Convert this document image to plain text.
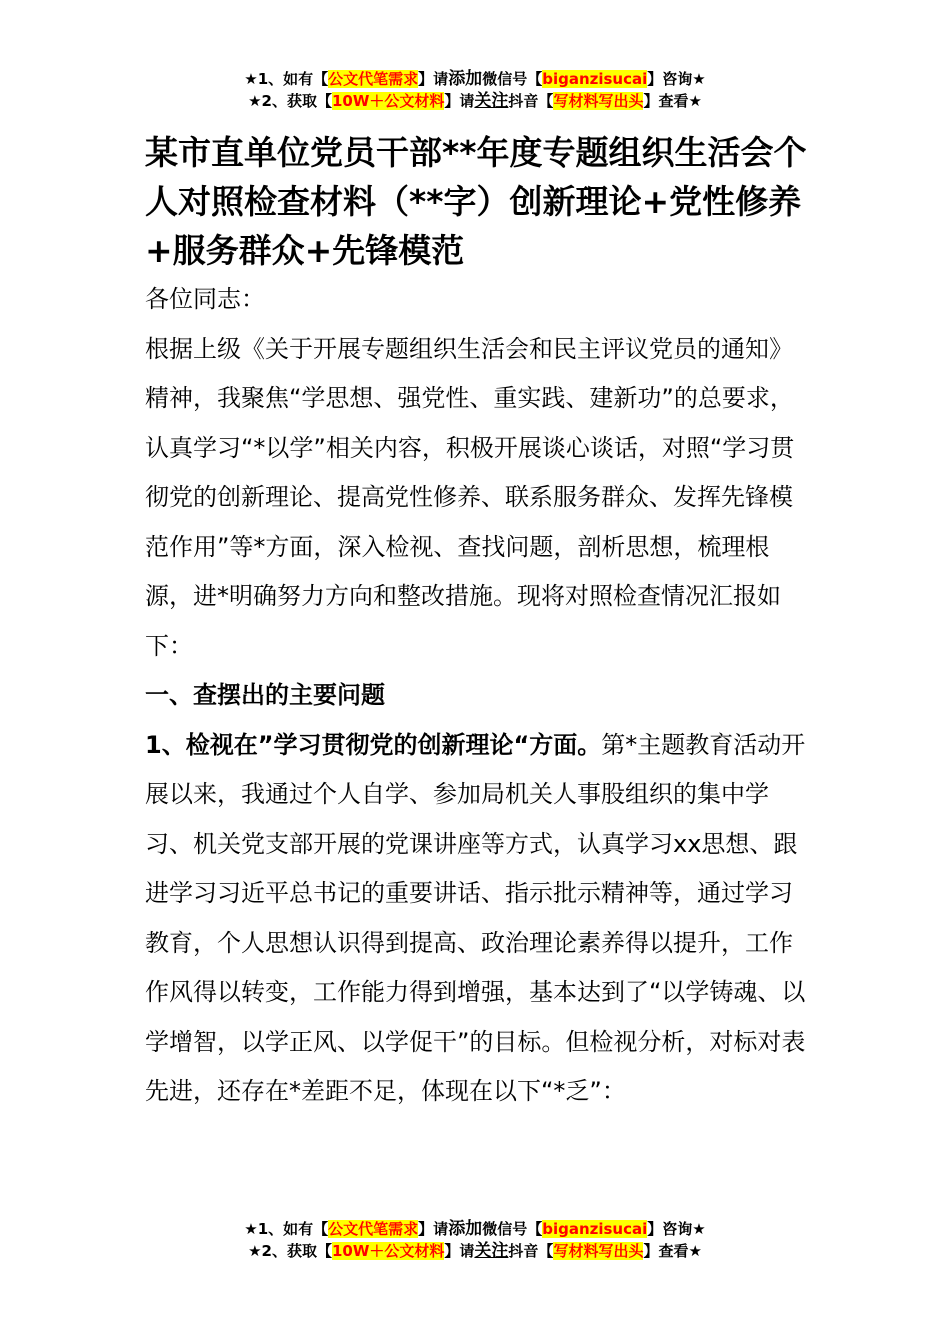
★1、如有【公文代笔需求】请添加微信号【biganzisucai】咨询★
★2、获取【10W＋公文材料】请关注抖音【写材料写出头】查看★
某市直单位党员干部**年度专题组织生活会个人对照检查材料（**字）创新理论+党性修养+服务群众+先锋模范

各位同志：

根据上级《关于开展专题组织生活会和民主评议党员的通知》精神，我聚焦“学思想、强党性、重实践、建新功”的总要求，认真学习“*以学”相关内容，积极开展谈心谈话，对照“学习贯彻党的创新理论、提高党性修养、联系服务群众、发挥先锋模范作用”等*方面，深入检视、查找问题，剖析思想，梳理根源，进*明确努力方向和整改措施。现将对照检查情况汇报如下：

一、查摆出的主要问题

1、检视在”学习贯彻党的创新理论“方面。第*主题教育活动开展以来，我通过个人自学、参加局机关人事股组织的集中学习、机关党支部开展的党课讲座等方式，认真学习xx思想、跟进学习习近平总书记的重要讲话、指示批示精神等，通过学习教育，个人思想认识得到提高、政治理论素养得以提升，工作作风得以转变，工作能力得到增强，基本达到了“以学铸魂、以学增智，以学正风、以学促干”的目标。但检视分析，对标对表先进，还存在*差距不足，体现在以下“*乏”：

★1、如有【公文代笔需求】请添加微信号【biganzisucai】咨询★
★2、获取【10W＋公文材料】请关注抖音【写材料写出头】查看★
